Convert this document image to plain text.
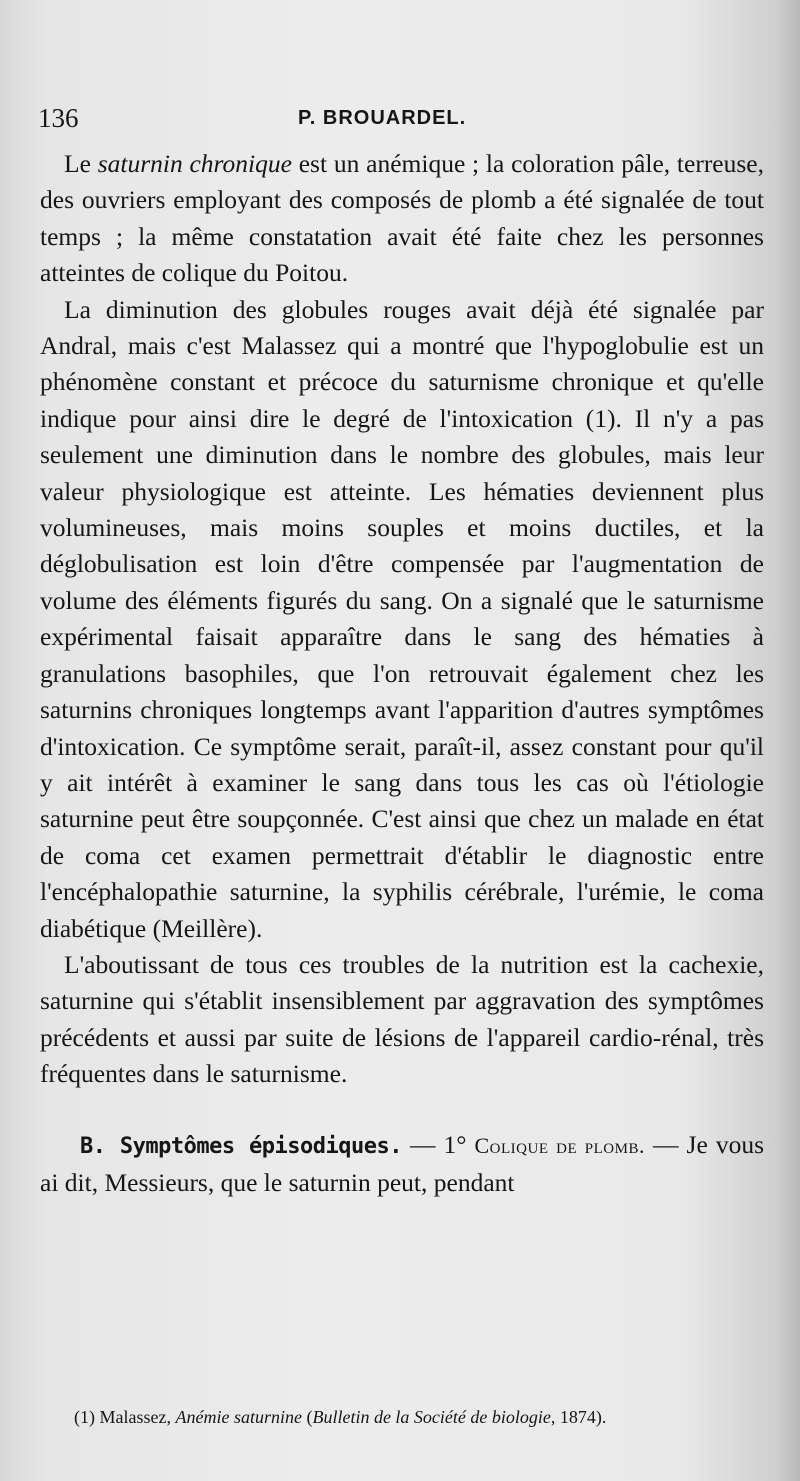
136	P. BROUARDEL.

Le saturnin chronique est un anémique ; la coloration pâle, terreuse, des ouvriers employant des composés de plomb a été signalée de tout temps ; la même constatation avait été faite chez les personnes atteintes de colique du Poitou.

La diminution des globules rouges avait déjà été signalée par Andral, mais c'est Malassez qui a montré que l'hypoglobulie est un phénomène constant et précoce du saturnisme chronique et qu'elle indique pour ainsi dire le degré de l'intoxication (1). Il n'y a pas seulement une diminution dans le nombre des globules, mais leur valeur physiologique est atteinte. Les hématies deviennent plus volumineuses, mais moins souples et moins ductiles, et la déglobulisation est loin d'être compensée par l'augmentation de volume des éléments figurés du sang. On a signalé que le saturnisme expérimental faisait apparaître dans le sang des hématies à granulations basophiles, que l'on retrouvait également chez les saturnins chroniques longtemps avant l'apparition d'autres symptômes d'intoxication. Ce symptôme serait, paraît-il, assez constant pour qu'il y ait intérêt à examiner le sang dans tous les cas où l'étiologie saturnine peut être soupçonnée. C'est ainsi que chez un malade en état de coma cet examen permettrait d'établir le diagnostic entre l'encéphalopathie saturnine, la syphilis cérébrale, l'urémie, le coma diabétique (Meillère).

L'aboutissant de tous ces troubles de la nutrition est la cachexie, saturnine qui s'établit insensiblement par aggravation des symptômes précédents et aussi par suite de lésions de l'appareil cardio-rénal, très fréquentes dans le saturnisme.

B. Symptômes épisodiques. — 1° Colique de plomb. — Je vous ai dit, Messieurs, que le saturnin peut, pendant

(1) Malassez, Anémie saturnine (Bulletin de la Société de biologie, 1874).
